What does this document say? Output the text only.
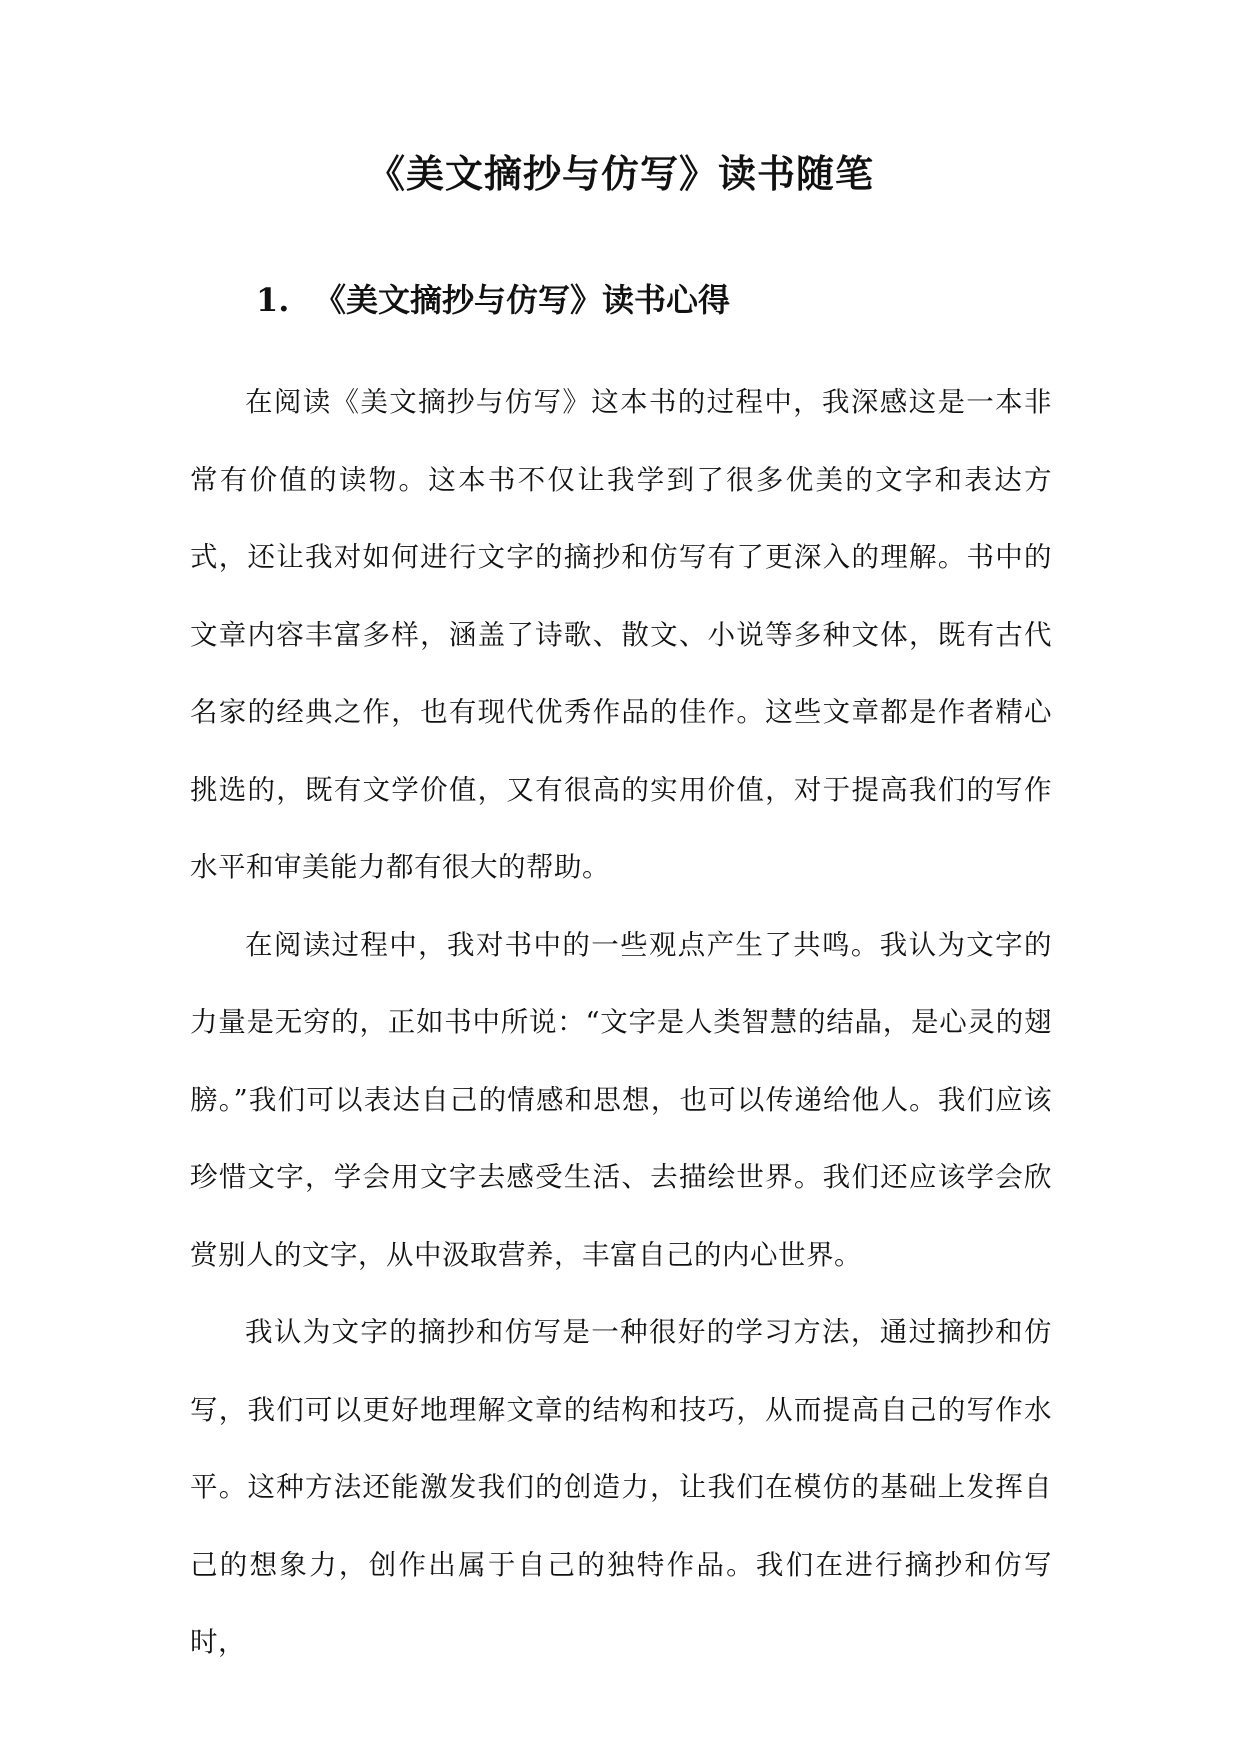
《美文摘抄与仿写》读书随笔
1. 《美文摘抄与仿写》读书心得

在阅读《美文摘抄与仿写》这本书的过程中，我深感这是一本非常有价值的读物。这本书不仅让我学到了很多优美的文字和表达方式，还让我对如何进行文字的摘抄和仿写有了更深入的理解。书中的文章内容丰富多样，涵盖了诗歌、散文、小说等多种文体，既有古代名家的经典之作，也有现代优秀作品的佳作。这些文章都是作者精心挑选的，既有文学价值，又有很高的实用价值，对于提高我们的写作水平和审美能力都有很大的帮助。

在阅读过程中，我对书中的一些观点产生了共鸣。我认为文字的力量是无穷的，正如书中所说：“文字是人类智慧的结晶，是心灵的翅膀。”我们可以表达自己的情感和思想，也可以传递给他人。我们应该珍惜文字，学会用文字去感受生活、去描绘世界。我们还应该学会欣赏别人的文字，从中汲取营养，丰富自己的内心世界。

我认为文字的摘抄和仿写是一种很好的学习方法，通过摘抄和仿写，我们可以更好地理解文章的结构和技巧，从而提高自己的写作水平。这种方法还能激发我们的创造力，让我们在模仿的基础上发挥自己的想象力，创作出属于自己的独特作品。我们在进行摘抄和仿写时，
